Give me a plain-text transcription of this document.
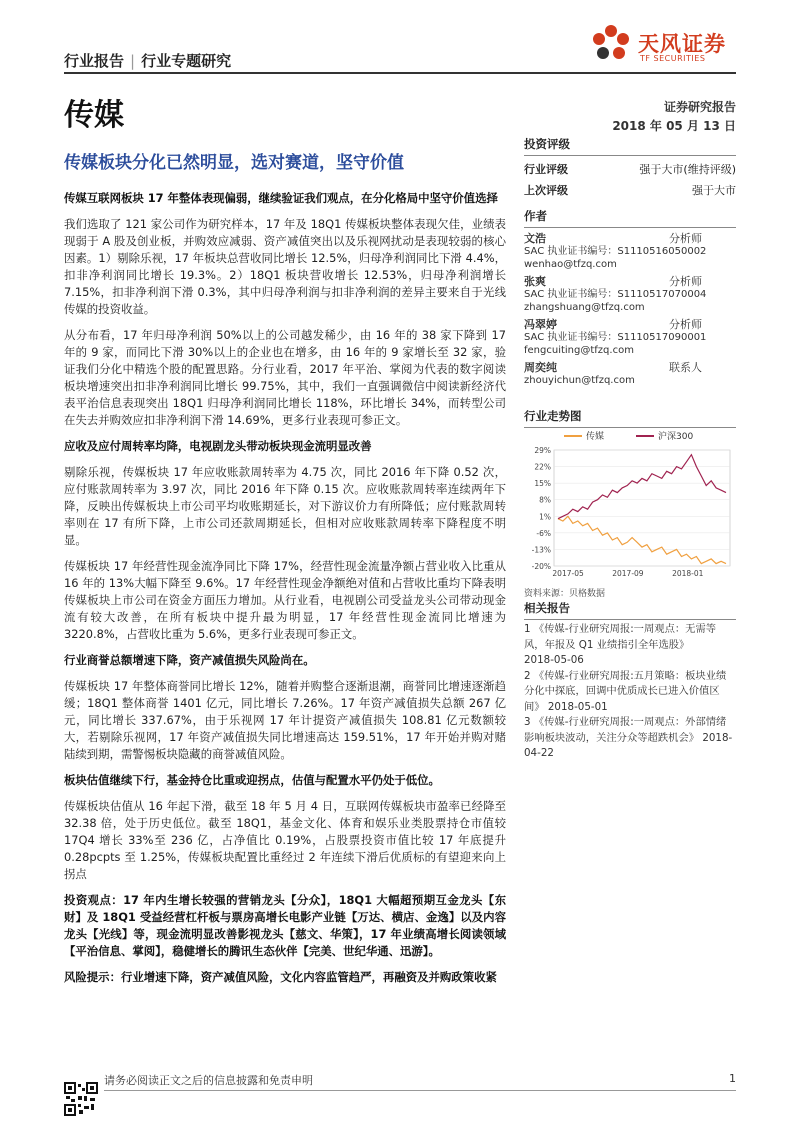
行业报告 | 行业专题研究
天风证券
TF SECURITIES
传媒	证券研究报告
2018 年 05 月 13 日
传媒板块分化已然明显，选对赛道，坚守价值

传媒互联网板块 17 年整体表现偏弱，继续验证我们观点，在分化格局中坚守价值选择

我们选取了 121 家公司作为研究样本，17 年及 18Q1 传媒板块整体表现欠佳，业绩表现弱于 A 股及创业板，并购效应减弱、资产减值突出以及乐视网扰动是表现较弱的核心因素。1）剔除乐视，17 年板块总营收同比增长 12.5%，归母净利润同比下滑 4.4%，扣非净利润同比增长 19.3%。2）18Q1 板块营收增长 12.53%，归母净利润增长 7.15%，扣非净利润下滑 0.3%，其中归母净利润与扣非净利润的差异主要来自于光线传媒的投资收益。

从分布看，17 年归母净利润 50%以上的公司越发稀少，由 16 年的 38 家下降到 17 年的 9 家，而同比下滑 30%以上的企业也在增多，由 16 年的 9 家增长至 32 家，验证我们分化中精选个股的配置思路。分行业看，2017 年平治、掌阅为代表的数字阅读板块增速突出扣非净利润同比增长 99.75%，其中，我们一直强调微信中阅读新经济代表平治信息表现突出 18Q1 归母净利润同比增长 118%，环比增长 34%，而转型公司在失去并购效应扣非净利润下滑 14.69%，更多行业表现可参正文。

应收及应付周转率均降，电视剧龙头带动板块现金流明显改善

剔除乐视，传媒板块 17 年应收账款周转率为 4.75 次，同比 2016 年下降 0.52 次，应付账款周转率为 3.97 次，同比 2016 年下降 0.15 次。应收账款周转率连续两年下降，反映出传媒板块上市公司平均收账期延长，对下游议价力有所降低；应付账款周转率则在 17 有所下降，上市公司还款周期延长，但相对应收账款周转率下降程度不明显。

传媒板块 17 年经营性现金流净同比下降 17%，经营性现金流量净额占营业收入比重从 16 年的 13%大幅下降至 9.6%。17 年经营性现金净额绝对值和占营收比重均下降表明传媒板块上市公司在资金方面压力增加。从行业看，电视剧公司受益龙头公司带动现金流有较大改善，在所有板块中提升最为明显，17 年经营性现金流同比增速为 3220.8%，占营收比重为 5.6%，更多行业表现可参正文。

行业商誉总额增速下降，资产减值损失风险尚在。

传媒板块 17 年整体商誉同比增长 12%，随着并购整合逐渐退潮，商誉同比增速逐渐趋缓；18Q1 整体商誉 1401 亿元，同比增长 7.26%。17 年资产减值损失总额 267 亿元，同比增长 337.67%，由于乐视网 17 年计提资产减值损失 108.81 亿元数额较大，若剔除乐视网，17 年资产减值损失同比增速高达 159.51%，17 年开始并购对赌陆续到期，需警惕板块隐藏的商誉减值风险。

板块估值继续下行，基金持仓比重或迎拐点，估值与配置水平仍处于低位。

传媒板块估值从 16 年起下滑，截至 18 年 5 月 4 日，互联网传媒板块市盈率已经降至 32.38 倍，处于历史低位。截至 18Q1，基金文化、体育和娱乐业类股票持仓市值较 17Q4 增长 33%至 236 亿，占净值比 0.19%，占股票投资市值比较 17 年底提升 0.28pcpts 至 1.25%，传媒板块配置比重经过 2 年连续下滑后优质标的有望迎来向上拐点

投资观点：17 年内生增长较强的营销龙头【分众】，18Q1 大幅超预期互金龙头【东财】及 18Q1 受益经营杠杆板与票房高增长电影产业链【万达、横店、金逸】以及内容龙头【光线】等，现金流明显改善影视龙头【慈文、华策】，17 年业绩高增长阅读领域【平治信息、掌阅】，稳健增长的腾讯生态伙伴【完美、世纪华通、迅游】。

风险提示：行业增速下降，资产减值风险，文化内容监管趋严，再融资及并购政策收紧

投资评级
行业评级	强于大市(维持评级)
上次评级	强于大市
作者
文浩	分析师
SAC 执业证书编号：S1110516050002
wenhao@tfzq.com
张爽	分析师
SAC 执业证书编号：S1110517070004
zhangshuang@tfzq.com
冯翠婷	分析师
SAC 执业证书编号：S1110517090001
fengcuiting@tfzq.com
周奕纯	联系人
zhouyichun@tfzq.com
行业走势图
传媒	沪深300
29%
22%
15%
8%
1%
-6%
-13%
-20%
2017-05	2017-09	2018-01
资料来源：贝格数据
相关报告
1 《传媒-行业研究周报:一周观点：无需等风，年报及 Q1 业绩指引全年选股》
2018-05-06
2 《传媒-行业研究周报:五月策略：板块业绩分化中探底，回调中优质成长已进入价值区间》 2018-05-01
3 《传媒-行业研究周报:一周观点：外部情绪影响板块波动，关注分众等超跌机会》 2018-04-22
请务必阅读正文之后的信息披露和免责申明	1
